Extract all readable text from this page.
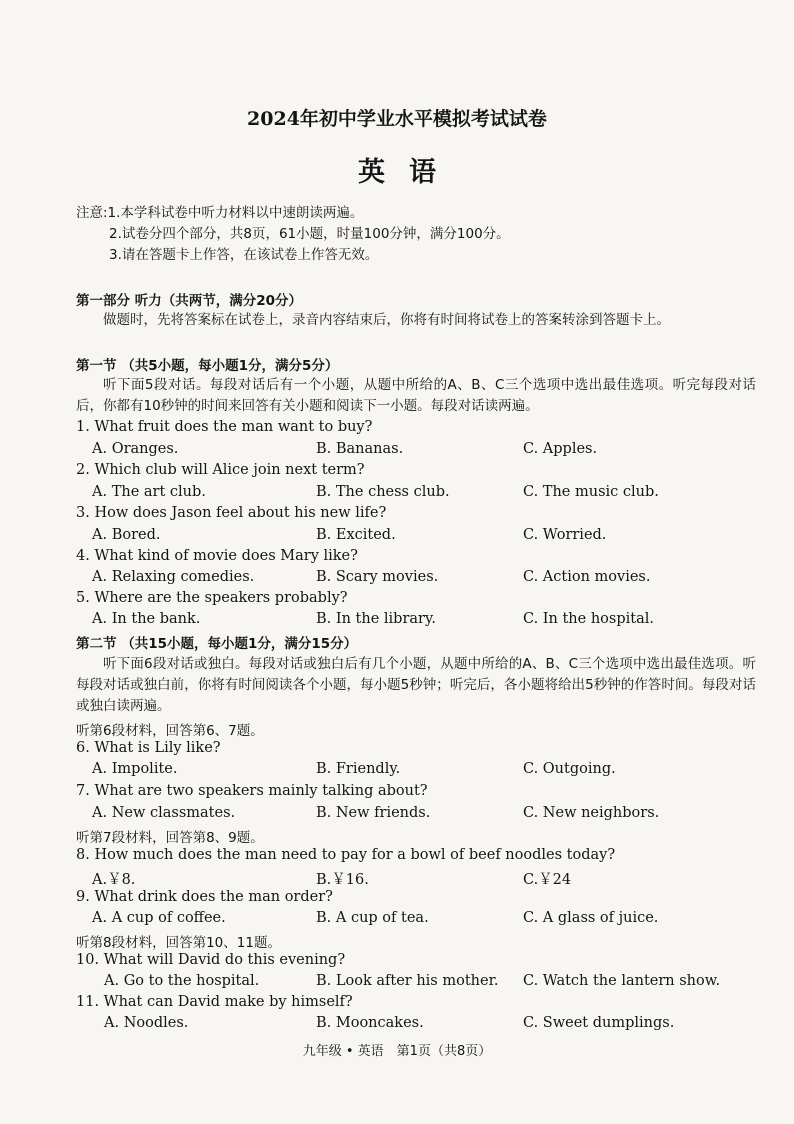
2024年初中学业水平模拟考试试卷
英语
注意:1.本学科试卷中听力材料以中速朗读两遍。
2.试卷分四个部分，共8页，61小题，时量100分钟，满分100分。
3.请在答题卡上作答，在该试卷上作答无效。
第一部分 听力（共两节，满分20分）
做题时，先将答案标在试卷上，录音内容结束后，你将有时间将试卷上的答案转涂到答题卡上。
第一节 （共5小题，每小题1分，满分5分）
听下面5段对话。每段对话后有一个小题，从题中所给的A、B、C三个选项中选出最佳选项。听完每段对话后，你都有10秒钟的时间来回答有关小题和阅读下一小题。每段对话读两遍。
1. What fruit does the man want to buy?
A. Oranges.	B. Bananas.	C. Apples.
2. Which club will Alice join next term?
A. The art club.	B. The chess club.	C. The music club.
3. How does Jason feel about his new life?
A. Bored.	B. Excited.	C. Worried.
4. What kind of movie does Mary like?
A. Relaxing comedies.	B. Scary movies.	C. Action movies.
5. Where are the speakers probably?
A. In the bank.	B. In the library.	C. In the hospital.
第二节 （共15小题，每小题1分，满分15分）
听下面6段对话或独白。每段对话或独白后有几个小题，从题中所给的A、B、C三个选项中选出最佳选项。听每段对话或独白前，你将有时间阅读各个小题，每小题5秒钟；听完后，各小题将给出5秒钟的作答时间。每段对话或独白读两遍。
听第6段材料，回答第6、7题。
6. What is Lily like?
A. Impolite.	B. Friendly.	C. Outgoing.
7. What are two speakers mainly talking about?
A. New classmates.	B. New friends.	C. New neighbors.
听第7段材料，回答第8、9题。
8. How much does the man need to pay for a bowl of beef noodles today?
A.￥8.	B.￥16.	C.￥24
9. What drink does the man order?
A. A cup of coffee.	B. A cup of tea.	C. A glass of juice.
听第8段材料，回答第10、11题。
10. What will David do this evening?
A. Go to the hospital.	B. Look after his mother. C. Watch the lantern show.
11. What can David make by himself?
A. Noodles.	B. Mooncakes.	C. Sweet dumplings.
九年级 • 英语　第1页（共8页）
